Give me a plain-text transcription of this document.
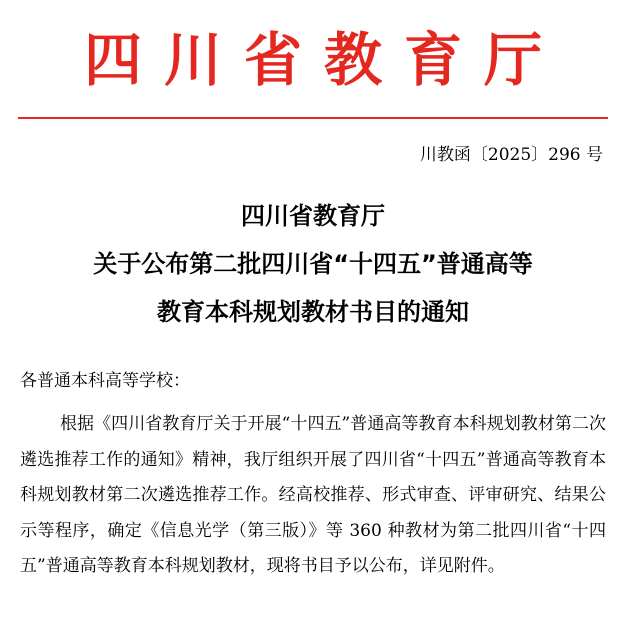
四川省教育厅
川教函〔2025〕296 号
四川省教育厅
关于公布第二批四川省“十四五”普通高等
教育本科规划教材书目的通知
各普通本科高等学校：
根据《四川省教育厅关于开展“十四五”普通高等教育本科规划教材第二次遴选推荐工作的通知》精神，我厅组织开展了四川省“十四五”普通高等教育本科规划教材第二次遴选推荐工作。经高校推荐、形式审查、评审研究、结果公示等程序，确定《信息光学（第三版）》等 360 种教材为第二批四川省“十四五”普通高等教育本科规划教材，现将书目予以公布，详见附件。
